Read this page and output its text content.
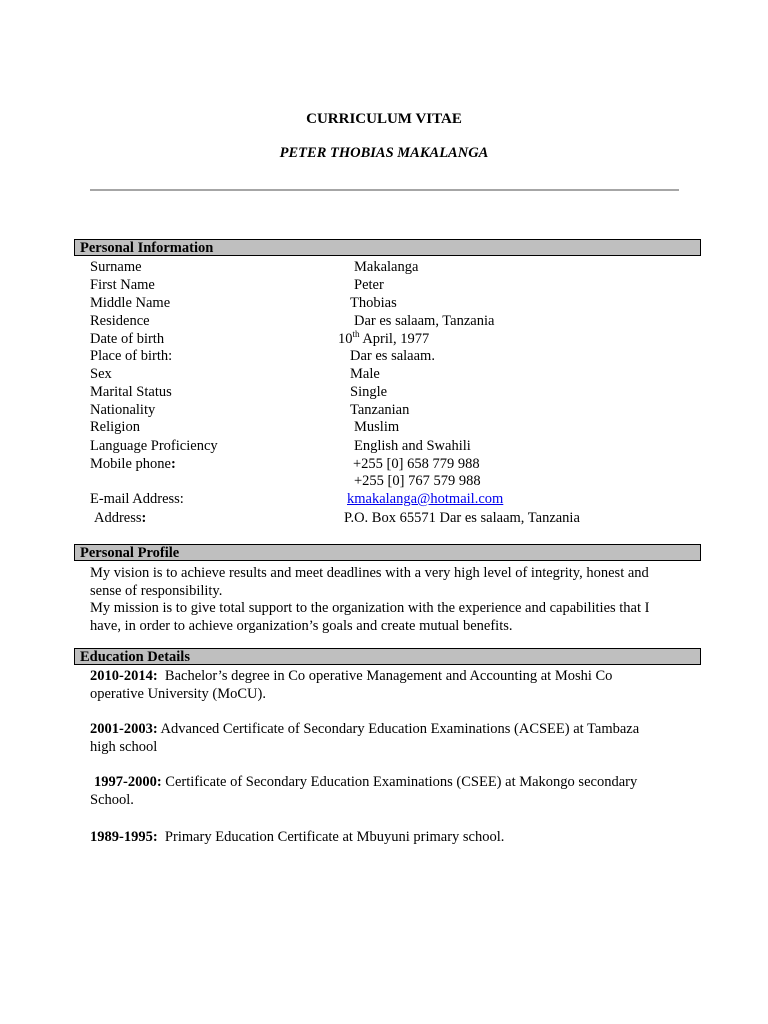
CURRICULUM VITAE
PETER THOBIAS MAKALANGA
Personal Information
Surname	Makalanga
First Name	Peter
Middle Name	Thobias
Residence	Dar es salaam, Tanzania
Date of birth	10th April, 1977
Place of birth:	Dar es salaam.
Sex	Male
Marital Status	Single
Nationality	Tanzanian
Religion	Muslim
Language Proficiency	English and Swahili
Mobile phone:	+255 [0] 658 779 988
+255 [0] 767 579 988
E-mail Address:	kmakalanga@hotmail.com
Address:	P.O. Box 65571 Dar es salaam, Tanzania
Personal Profile
My vision is to achieve results and meet deadlines with a very high level of integrity, honest and
sense of responsibility.
My mission is to give total support to the organization with the experience and capabilities that I
have, in order to achieve organization’s goals and create mutual benefits.
Education Details
2010-2014: Bachelor’s degree in Co operative Management and Accounting at Moshi Co
operative University (MoCU).
2001-2003: Advanced Certificate of Secondary Education Examinations (ACSEE) at Tambaza
high school
1997-2000: Certificate of Secondary Education Examinations (CSEE) at Makongo secondary
School.
1989-1995: Primary Education Certificate at Mbuyuni primary school.
